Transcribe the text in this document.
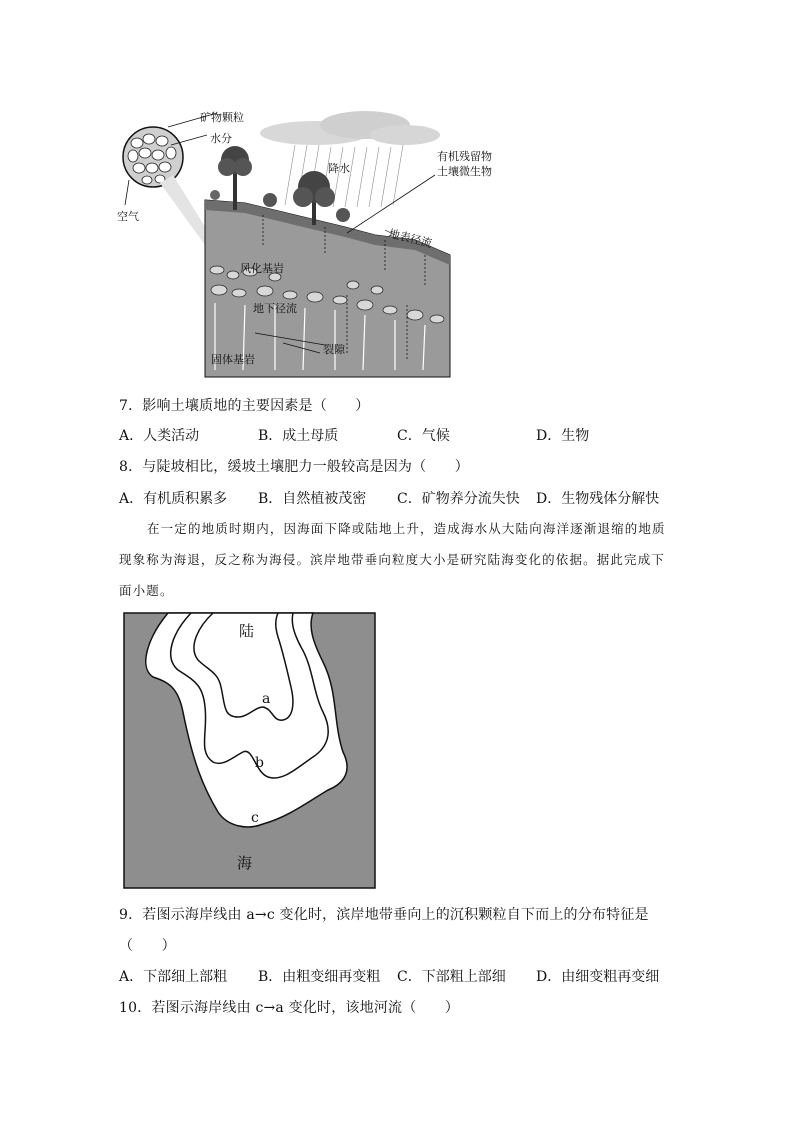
矿物颗粒
水分
空气
降水
有机残留物
土壤微生物
地表径流
风化基岩
地下径流
裂隙
固体基岩
7．影响土壤质地的主要因素是（　　）
A．人类活动	B．成土母质	C．气候	D．生物
8．与陡坡相比，缓坡土壤肥力一般较高是因为（　　）
A．有机质积累多	B．自然植被茂密	C．矿物养分流失快	D．生物残体分解快
在一定的地质时期内，因海面下降或陆地上升，造成海水从大陆向海洋逐渐退缩的地质现象称为海退，反之称为海侵。滨岸地带垂向粒度大小是研究陆海变化的依据。据此完成下面小题。
陆
海
a
b
c
9．若图示海岸线由 a→c 变化时，滨岸地带垂向上的沉积颗粒自下而上的分布特征是
（　　）
A．下部细上部粗	B．由粗变细再变粗	C．下部粗上部细	D．由细变粗再变细
10．若图示海岸线由 c→a 变化时，该地河流（　　）
